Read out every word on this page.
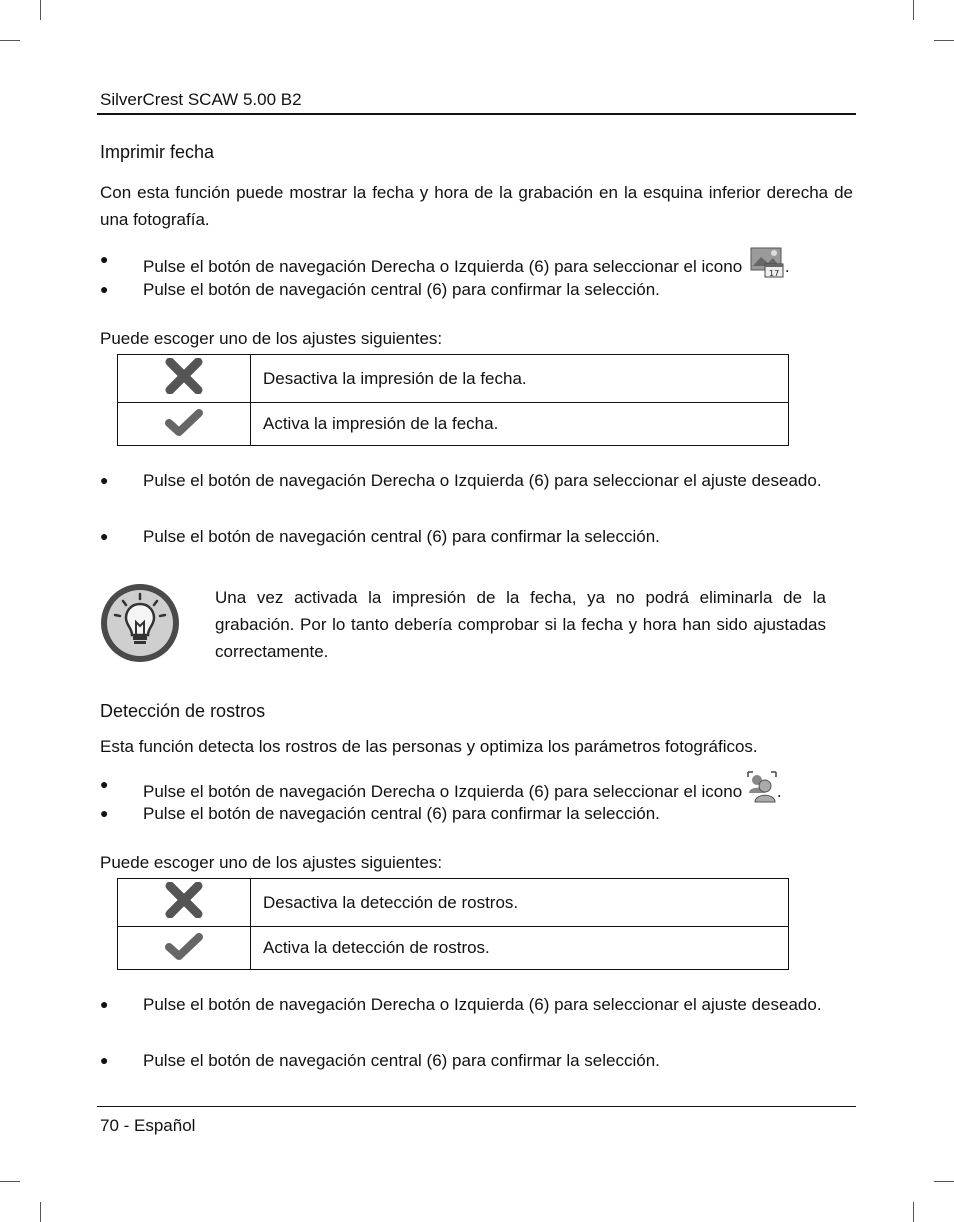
SilverCrest SCAW 5.00 B2
Imprimir fecha
Con esta función puede mostrar la fecha y hora de la grabación en la esquina inferior derecha de una fotografía.
● Pulse el botón de navegación Derecha o Izquierda (6) para seleccionar el icono	17 .
● Pulse el botón de navegación central (6) para confirmar la selección.
Puede escoger uno de los ajustes siguientes:
	Desactiva la impresión de la fecha.
	Activa la impresión de la fecha.
● Pulse el botón de navegación Derecha o Izquierda (6) para seleccionar el ajuste deseado.
● Pulse el botón de navegación central (6) para confirmar la selección.
Una vez activada la impresión de la fecha, ya no podrá eliminarla de la grabación. Por lo tanto debería comprobar si la fecha y hora han sido ajustadas correctamente.
Detección de rostros
Esta función detecta los rostros de las personas y optimiza los parámetros fotográficos.
● Pulse el botón de navegación Derecha o Izquierda (6) para seleccionar el icono .
● Pulse el botón de navegación central (6) para confirmar la selección.
Puede escoger uno de los ajustes siguientes:
	Desactiva la detección de rostros.
	Activa la detección de rostros.
● Pulse el botón de navegación Derecha o Izquierda (6) para seleccionar el ajuste deseado.
● Pulse el botón de navegación central (6) para confirmar la selección.
70 - Español
